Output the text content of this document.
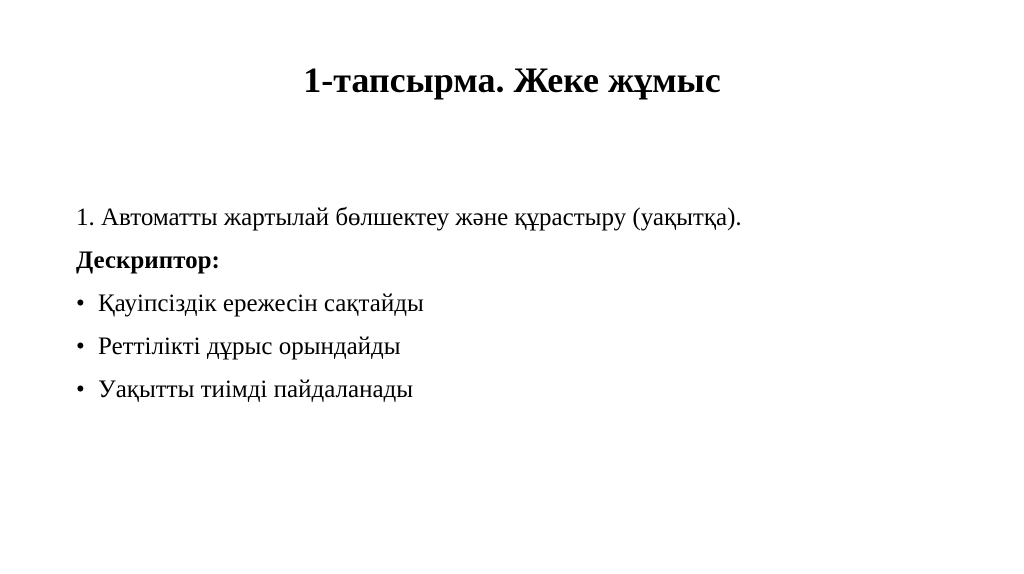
1-тапсырма. Жеке жұмыс
1. Автоматты жартылай бөлшектеу және құрастыру (уақытқа).
Дескриптор:
• Қауіпсіздік ережесін сақтайды
• Реттілікті дұрыс орындайды
• Уақытты тиімді пайдаланады
